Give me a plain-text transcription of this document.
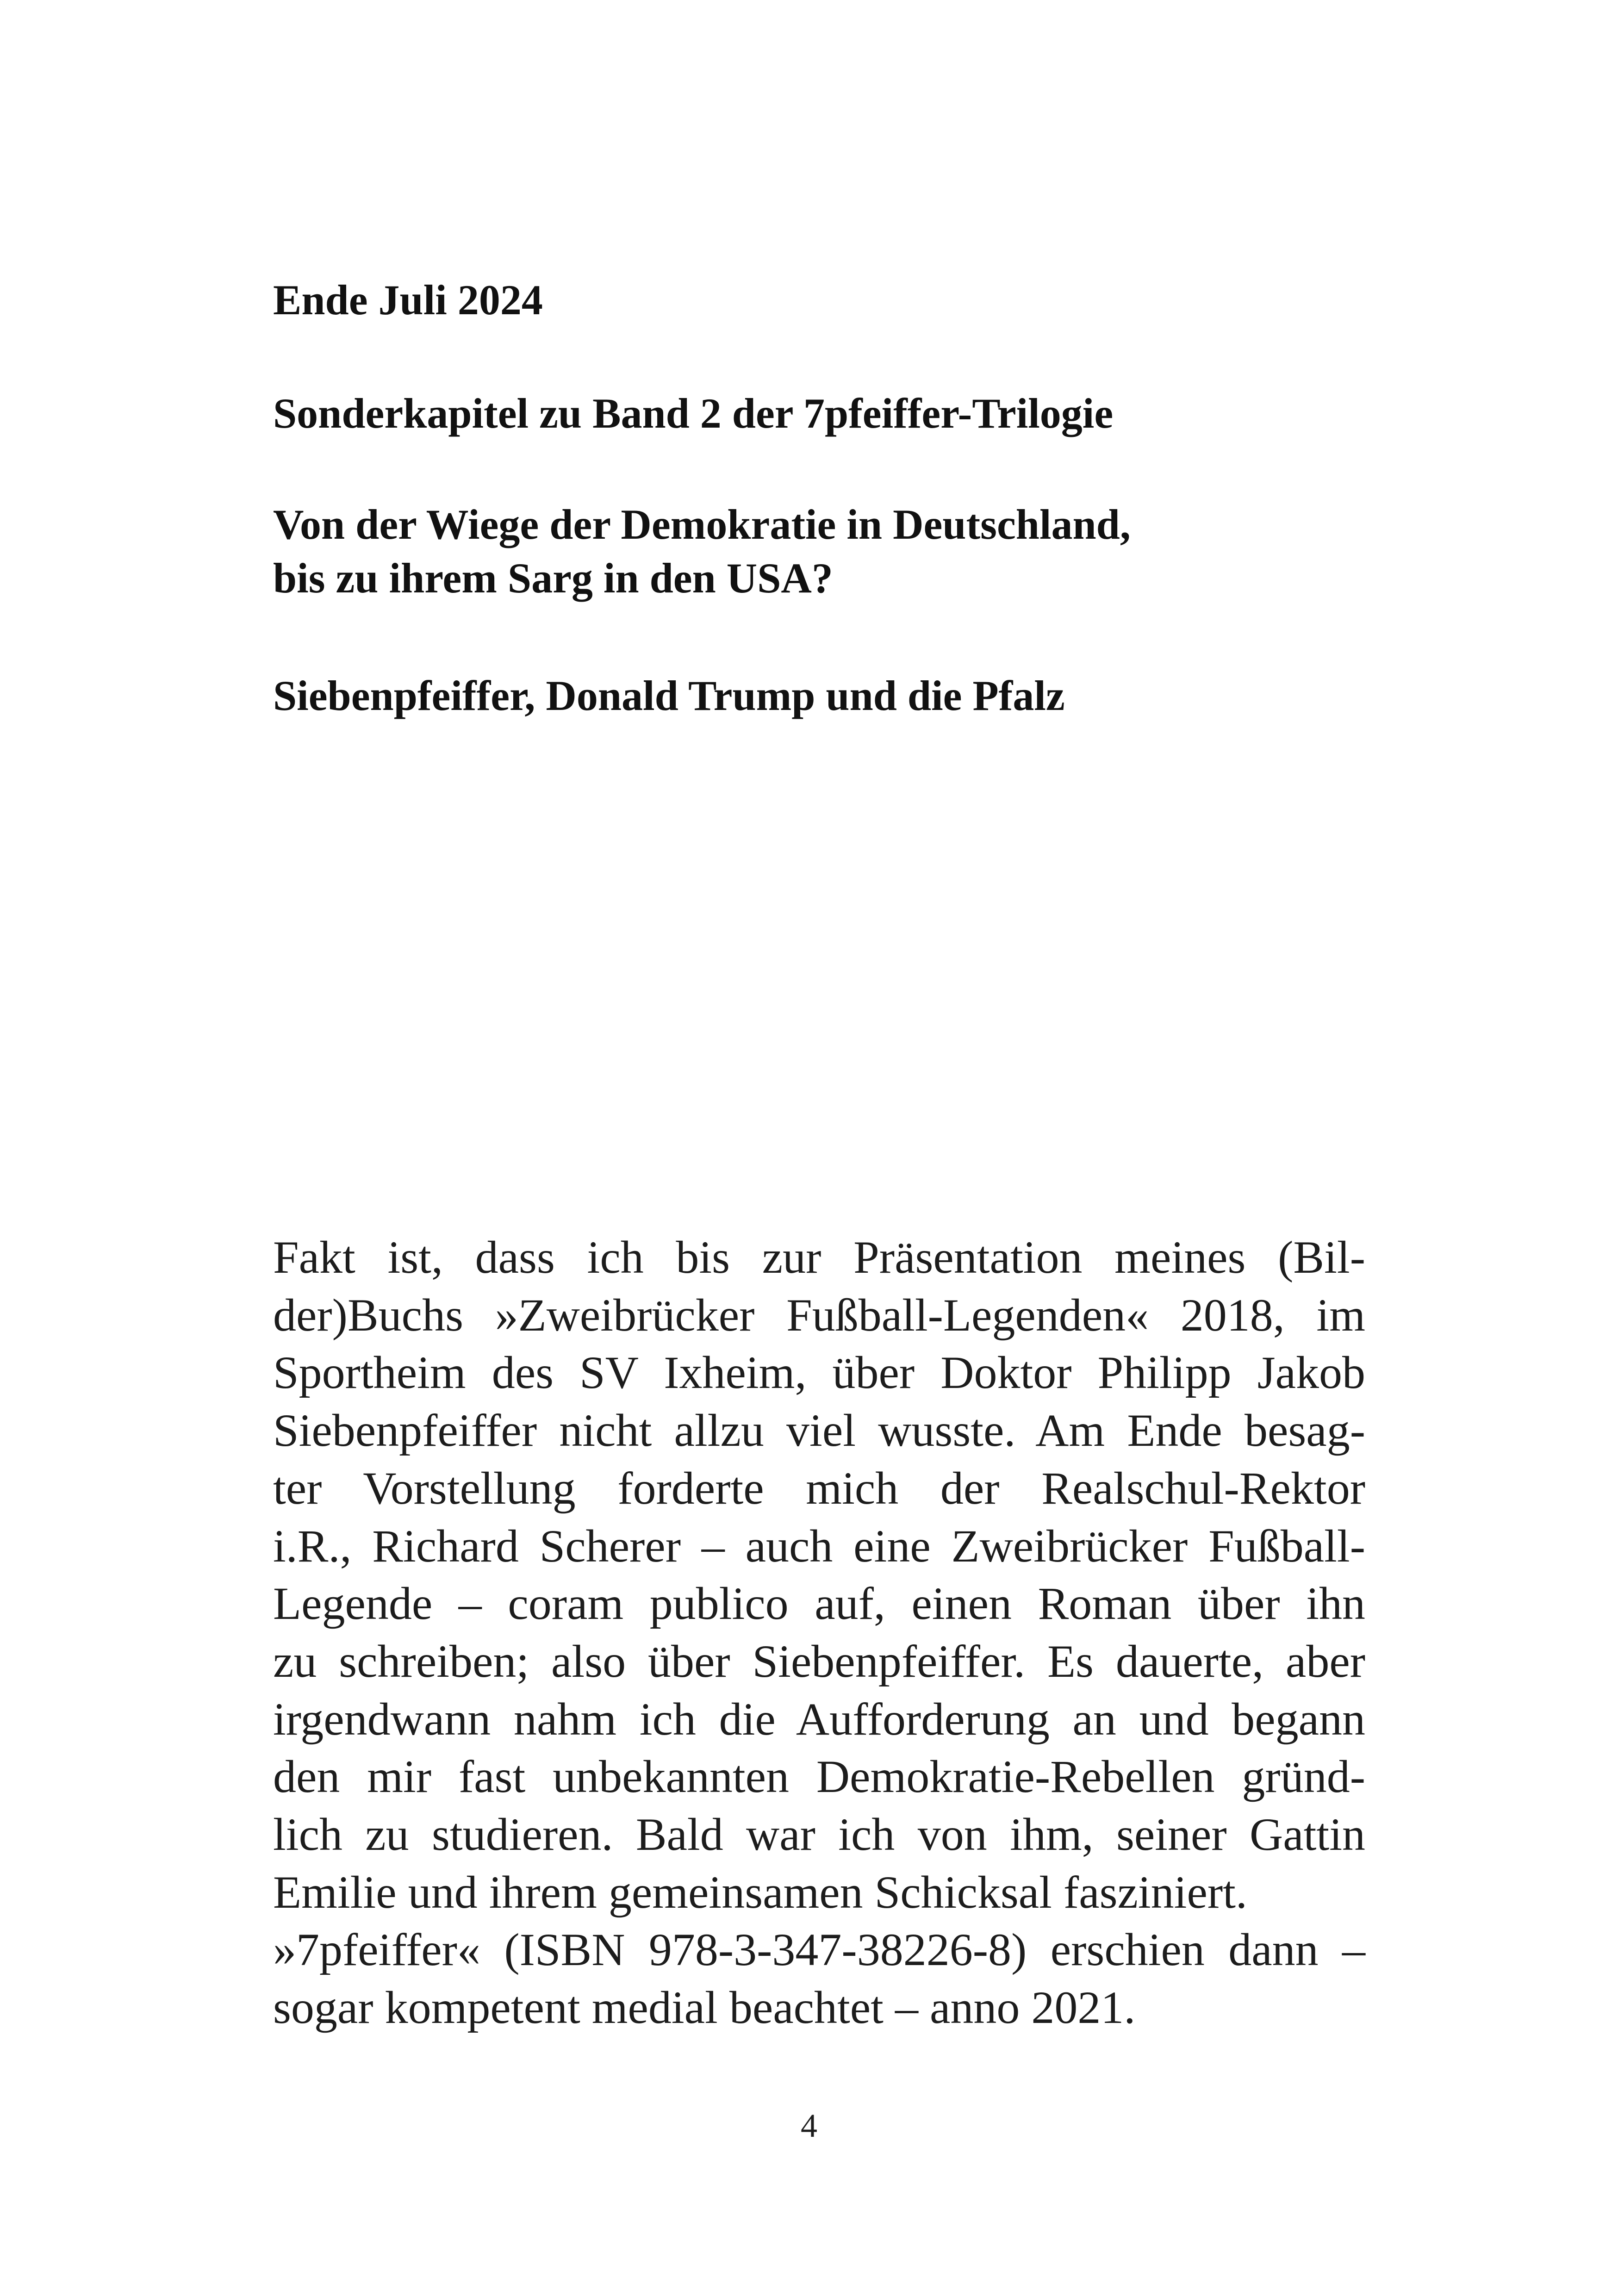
Ende Juli 2024
Sonderkapitel zu Band 2 der 7pfeiffer-Trilogie
Von der Wiege der Demokratie in Deutschland,
bis zu ihrem Sarg in den USA?
Siebenpfeiffer, Donald Trump und die Pfalz
Fakt ist, dass ich bis zur Präsentation meines (Bil-
der)Buchs »Zweibrücker Fußball-Legenden« 2018, im
Sportheim des SV Ixheim, über Doktor Philipp Jakob
Siebenpfeiffer nicht allzu viel wusste. Am Ende besag-
ter Vorstellung forderte mich der Realschul-Rektor
i.R., Richard Scherer – auch eine Zweibrücker Fußball-
Legende – coram publico auf, einen Roman über ihn
zu schreiben; also über Siebenpfeiffer. Es dauerte, aber
irgendwann nahm ich die Aufforderung an und begann
den mir fast unbekannten Demokratie-Rebellen gründ-
lich zu studieren. Bald war ich von ihm, seiner Gattin
Emilie und ihrem gemeinsamen Schicksal fasziniert.
»7pfeiffer« (ISBN 978-3-347-38226-8) erschien dann –
sogar kompetent medial beachtet – anno 2021.
4
